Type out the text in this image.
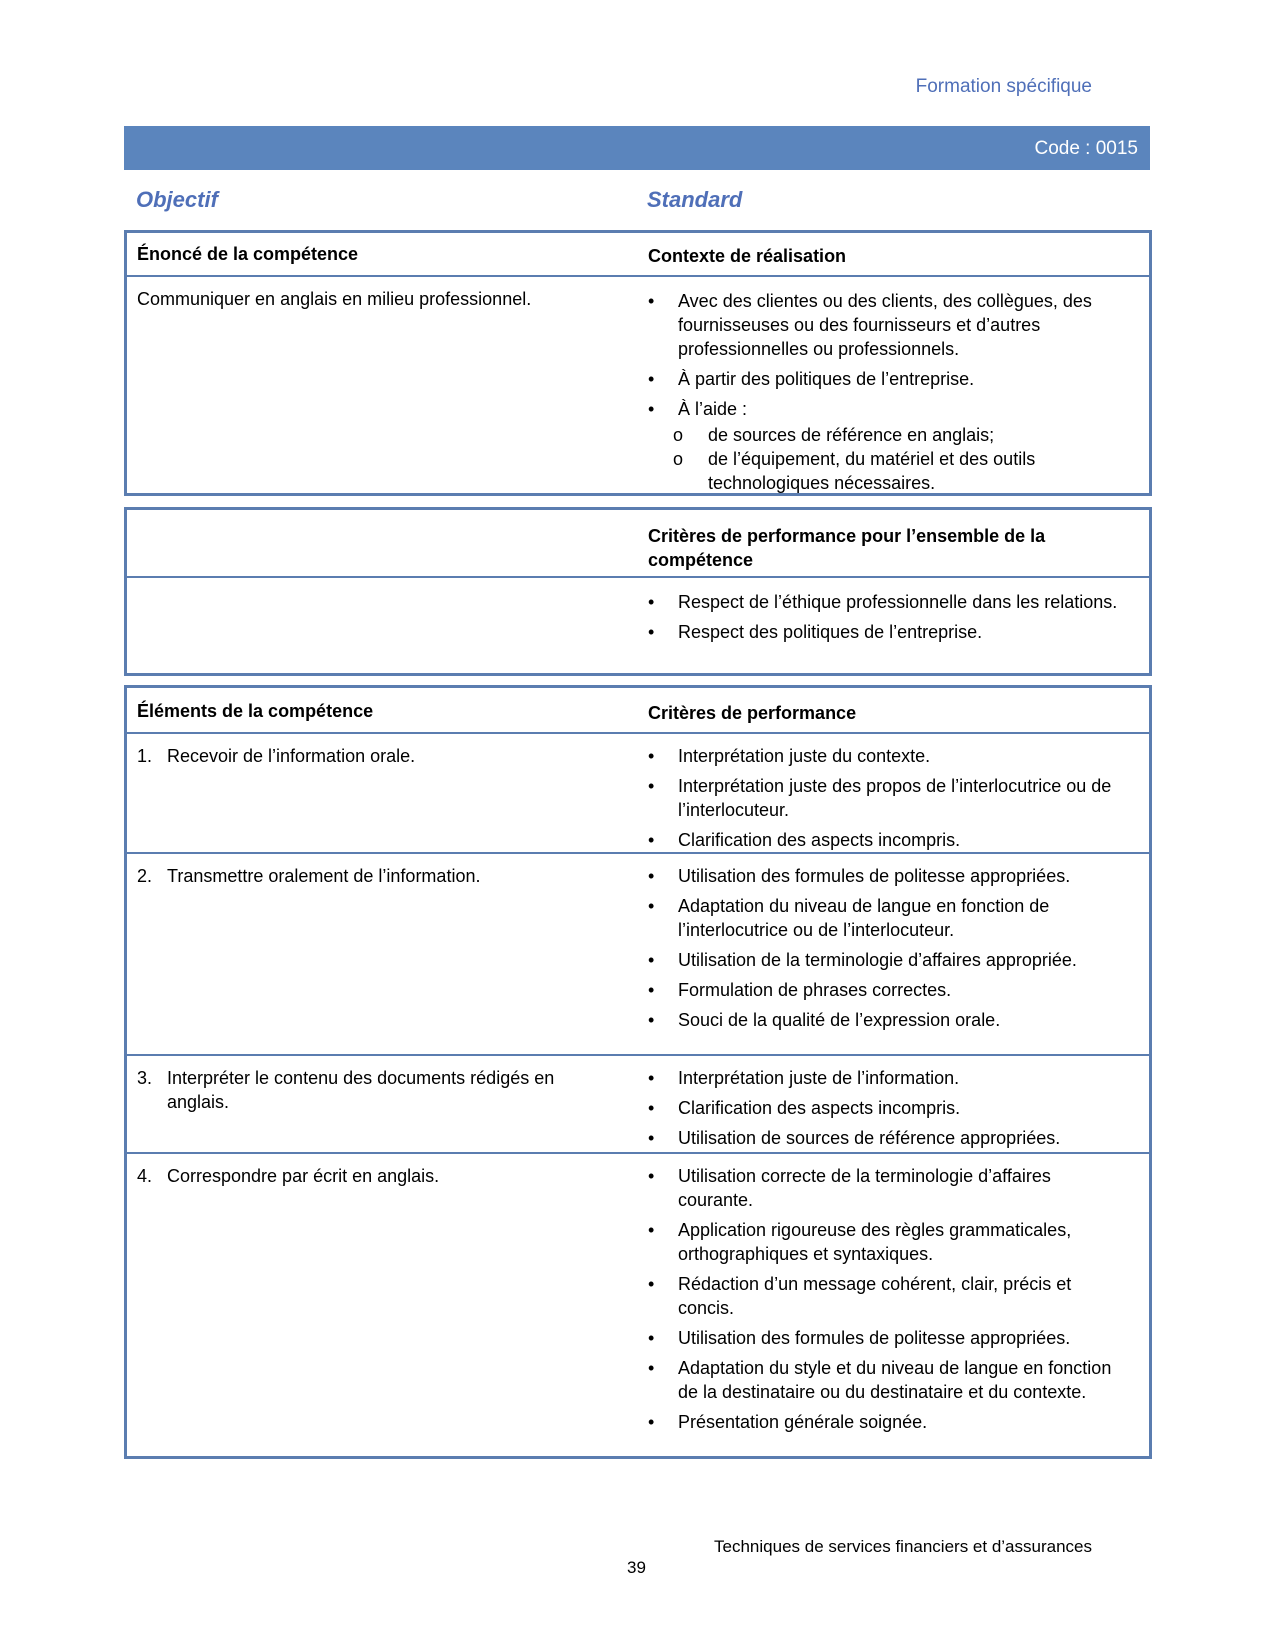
Formation spécifique
Code : 0015
Objectif	Standard
Énoncé de la compétence	Contexte de réalisation
Communiquer en anglais en milieu professionnel.	• Avec des clientes ou des clients, des collègues, des fournisseuses ou des fournisseurs et d’autres professionnelles ou professionnels.
• À partir des politiques de l’entreprise.
• À l’aide :
o de sources de référence en anglais;
o de l’équipement, du matériel et des outils technologiques nécessaires.
Critères de performance pour l’ensemble de la compétence
• Respect de l’éthique professionnelle dans les relations.
• Respect des politiques de l’entreprise.
Éléments de la compétence	Critères de performance
1. Recevoir de l’information orale.	• Interprétation juste du contexte.
• Interprétation juste des propos de l’interlocutrice ou de l’interlocuteur.
• Clarification des aspects incompris.
2. Transmettre oralement de l’information.	• Utilisation des formules de politesse appropriées.
• Adaptation du niveau de langue en fonction de l’interlocutrice ou de l’interlocuteur.
• Utilisation de la terminologie d’affaires appropriée.
• Formulation de phrases correctes.
• Souci de la qualité de l’expression orale.
3. Interpréter le contenu des documents rédigés en anglais.
• Interprétation juste de l’information.
• Clarification des aspects incompris.
• Utilisation de sources de référence appropriées.
4. Correspondre par écrit en anglais.	• Utilisation correcte de la terminologie d’affaires courante.
• Application rigoureuse des règles grammaticales, orthographiques et syntaxiques.
• Rédaction d’un message cohérent, clair, précis et concis.
• Utilisation des formules de politesse appropriées.
• Adaptation du style et du niveau de langue en fonction de la destinataire ou du destinataire et du contexte.
• Présentation générale soignée.
Techniques de services financiers et d’assurances
39
